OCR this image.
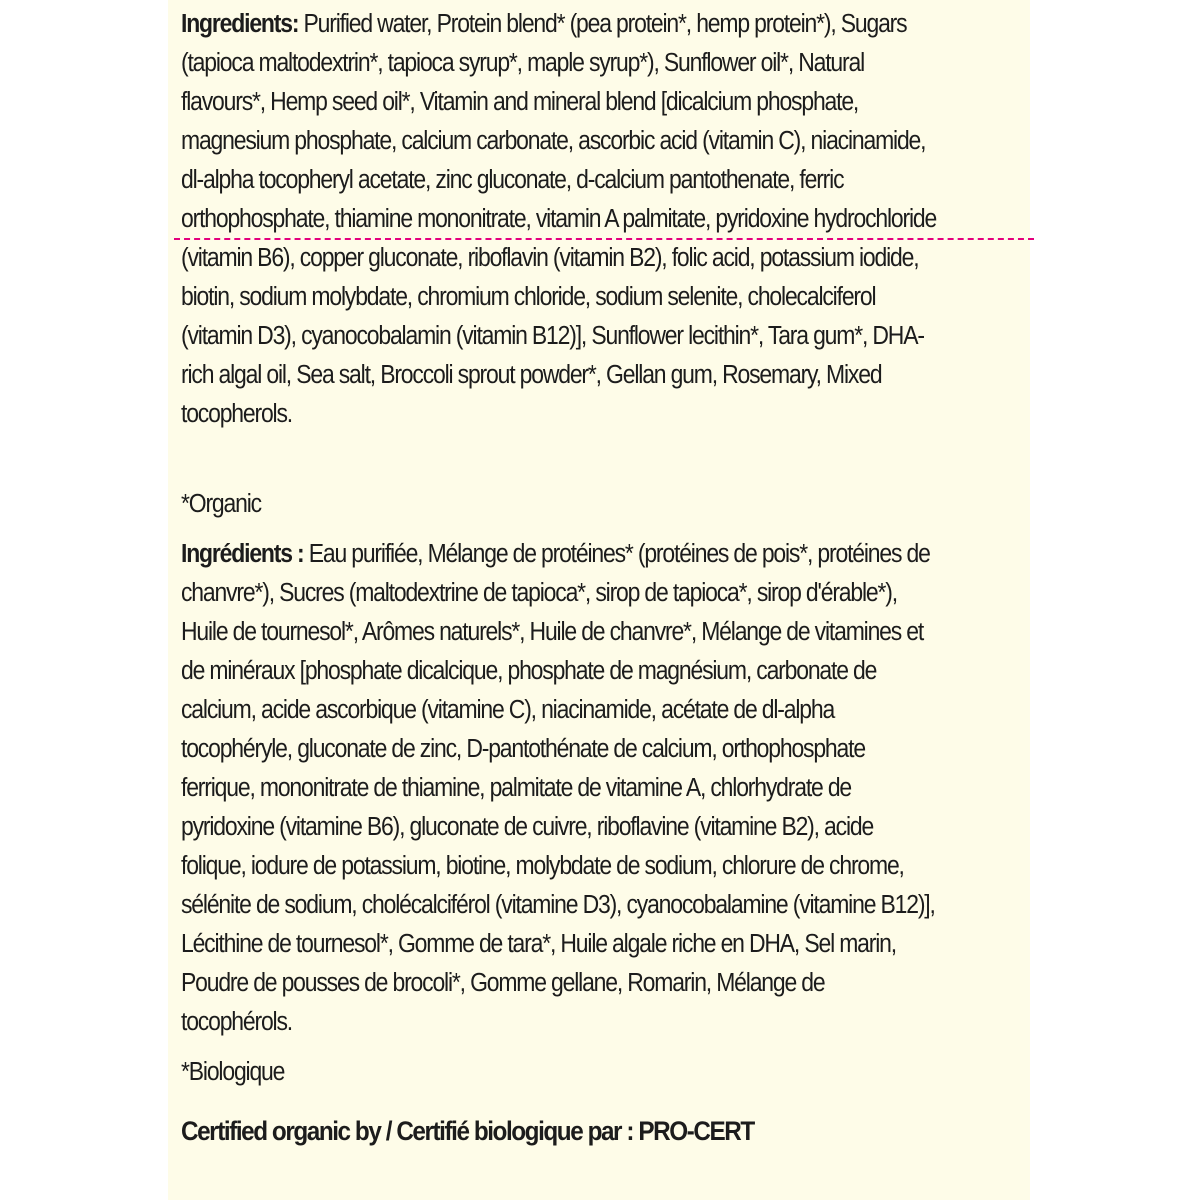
Ingredients: Purified water, Protein blend* (pea protein*, hemp protein*), Sugars (tapioca maltodextrin*, tapioca syrup*, maple syrup*), Sunflower oil*, Natural flavours*, Hemp seed oil*, Vitamin and mineral blend [dicalcium phosphate, magnesium phosphate, calcium carbonate, ascorbic acid (vitamin C), niacinamide, dl-alpha tocopheryl acetate, zinc gluconate, d-calcium pantothenate, ferric orthophosphate, thiamine mononitrate, vitamin A palmitate, pyridoxine hydrochloride (vitamin B6), copper gluconate, riboflavin (vitamin B2), folic acid, potassium iodide, biotin, sodium molybdate, chromium chloride, sodium selenite, cholecalciferol (vitamin D3), cyanocobalamin (vitamin B12)], Sunflower lecithin*, Tara gum*, DHA-rich algal oil, Sea salt, Broccoli sprout powder*, Gellan gum, Rosemary, Mixed tocopherols.

*Organic

Ingrédients : Eau purifiée, Mélange de protéines* (protéines de pois*, protéines de chanvre*), Sucres (maltodextrine de tapioca*, sirop de tapioca*, sirop d'érable*), Huile de tournesol*, Arômes naturels*, Huile de chanvre*, Mélange de vitamines et de minéraux [phosphate dicalcique, phosphate de magnésium, carbonate de calcium, acide ascorbique (vitamine C), niacinamide, acétate de dl-alpha tocophéryle, gluconate de zinc, D-pantothénate de calcium, orthophosphate ferrique, mononitrate de thiamine, palmitate de vitamine A, chlorhydrate de pyridoxine (vitamine B6), gluconate de cuivre, riboflavine (vitamine B2), acide folique, iodure de potassium, biotine, molybdate de sodium, chlorure de chrome, sélénite de sodium, cholécalciférol (vitamine D3), cyanocobalamine (vitamine B12)], Lécithine de tournesol*, Gomme de tara*, Huile algale riche en DHA, Sel marin, Poudre de pousses de brocoli*, Gomme gellane, Romarin, Mélange de tocophérols.

*Biologique
Certified organic by / Certifié biologique par : PRO-CERT
